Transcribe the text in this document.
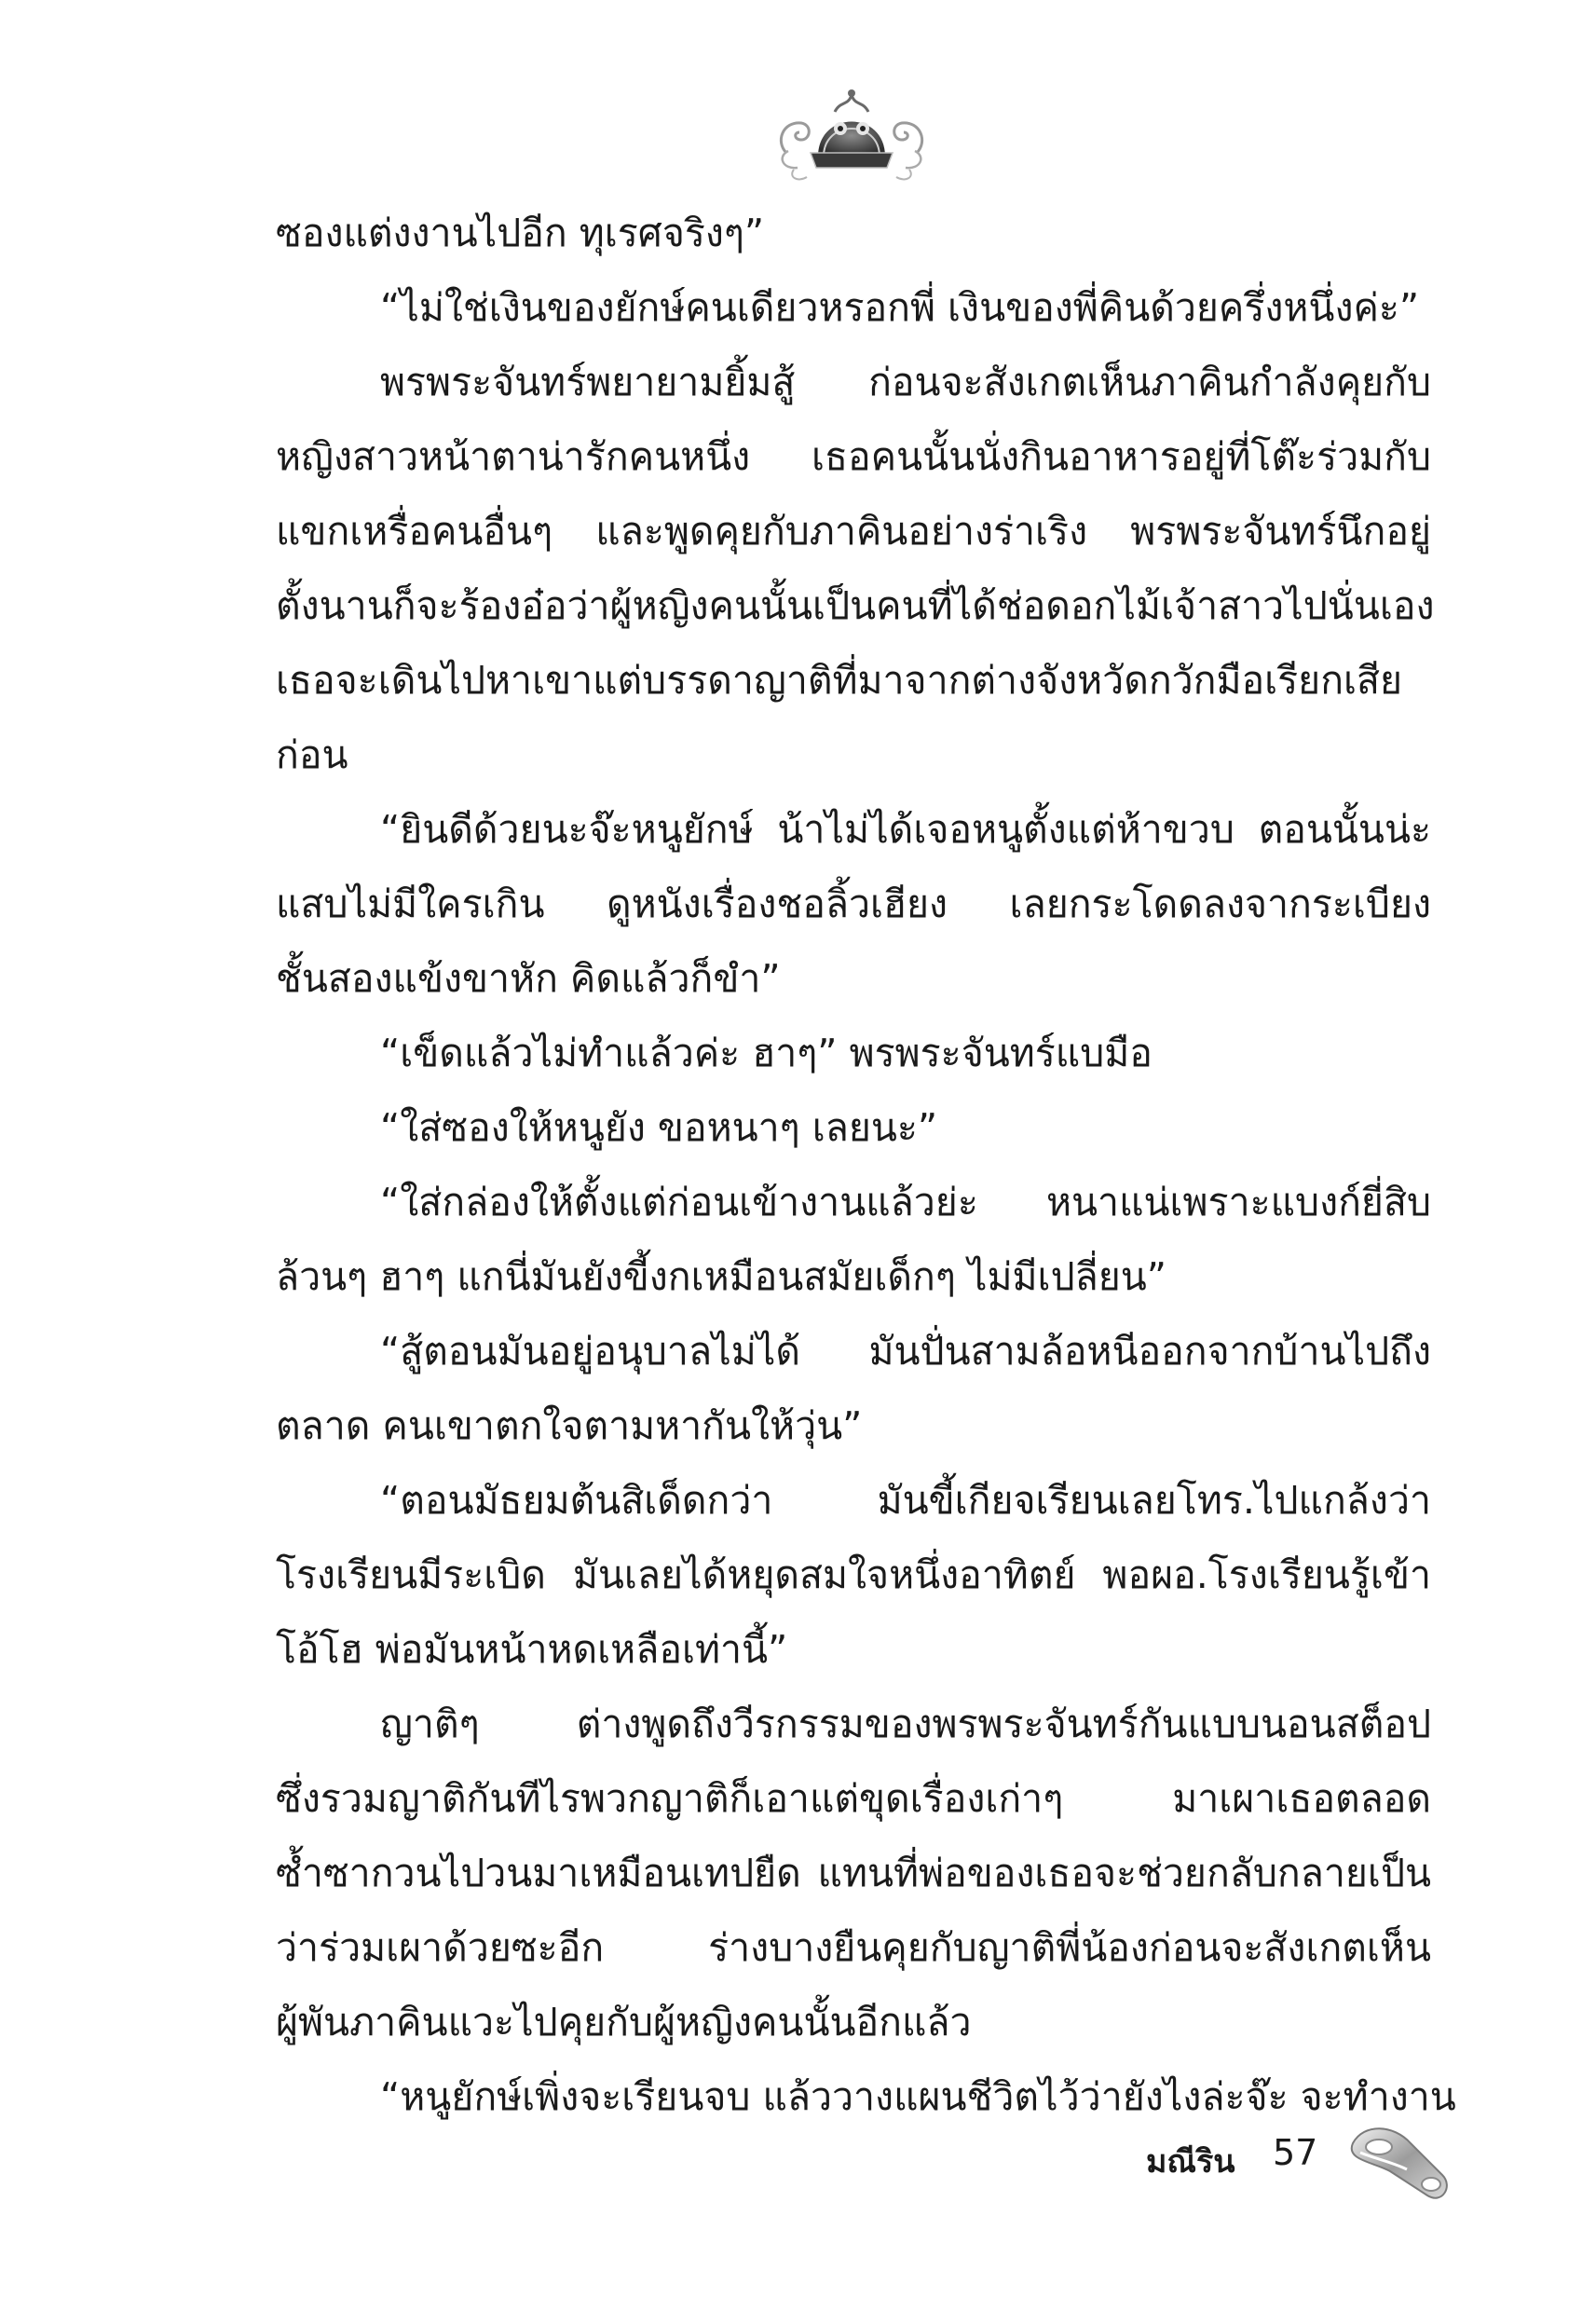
ซองแต่งงานไปอีก ทุเรศจริงๆ”
“ไม่ใช่เงินของยักษ์คนเดียวหรอกพี่ เงินของพี่คินด้วยครึ่งหนึ่งค่ะ”
พรพระจันทร์พยายามยิ้มสู้ ก่อนจะสังเกตเห็นภาคินกำลังคุยกับ
หญิงสาวหน้าตาน่ารักคนหนึ่ง เธอคนนั้นนั่งกินอาหารอยู่ที่โต๊ะร่วมกับ
แขกเหรื่อคนอื่นๆ และพูดคุยกับภาคินอย่างร่าเริง พรพระจันทร์นึกอยู่
ตั้งนานก็จะร้องอ๋อว่าผู้หญิงคนนั้นเป็นคนที่ได้ช่อดอกไม้เจ้าสาวไปนั่นเอง
เธอจะเดินไปหาเขาแต่บรรดาญาติที่มาจากต่างจังหวัดกวักมือเรียกเสีย
ก่อน
“ยินดีด้วยนะจ๊ะหนูยักษ์ น้าไม่ได้เจอหนูตั้งแต่ห้าขวบ ตอนนั้นน่ะ
แสบไม่มีใครเกิน ดูหนังเรื่องชอลิ้วเฮียง เลยกระโดดลงจากระเบียง
ชั้นสองแข้งขาหัก คิดแล้วก็ขำ”
“เข็ดแล้วไม่ทำแล้วค่ะ ฮาๆ” พรพระจันทร์แบมือ
“ใส่ซองให้หนูยัง ขอหนาๆ เลยนะ”
“ใส่กล่องให้ตั้งแต่ก่อนเข้างานแล้วย่ะ หนาแน่เพราะแบงก์ยี่สิบ
ล้วนๆ ฮาๆ แกนี่มันยังขี้งกเหมือนสมัยเด็กๆ ไม่มีเปลี่ยน”
“สู้ตอนมันอยู่อนุบาลไม่ได้ มันปั่นสามล้อหนีออกจากบ้านไปถึง
ตลาด คนเขาตกใจตามหากันให้วุ่น”
“ตอนมัธยมต้นสิเด็ดกว่า มันขี้เกียจเรียนเลยโทร.ไปแกล้งว่า
โรงเรียนมีระเบิด มันเลยได้หยุดสมใจหนึ่งอาทิตย์ พอผอ.โรงเรียนรู้เข้า
โอ้โฮ พ่อมันหน้าหดเหลือเท่านี้”
ญาติๆ ต่างพูดถึงวีรกรรมของพรพระจันทร์กันแบบนอนสต็อป
ซึ่งรวมญาติกันทีไรพวกญาติก็เอาแต่ขุดเรื่องเก่าๆ มาเผาเธอตลอด
ซ้ำซากวนไปวนมาเหมือนเทปยืด แทนที่พ่อของเธอจะช่วยกลับกลายเป็น
ว่าร่วมเผาด้วยซะอีก ร่างบางยืนคุยกับญาติพี่น้องก่อนจะสังเกตเห็น
ผู้พันภาคินแวะไปคุยกับผู้หญิงคนนั้นอีกแล้ว
“หนูยักษ์เพิ่งจะเรียนจบ แล้ววางแผนชีวิตไว้ว่ายังไงล่ะจ๊ะ จะทำงาน
มณีริน 57
